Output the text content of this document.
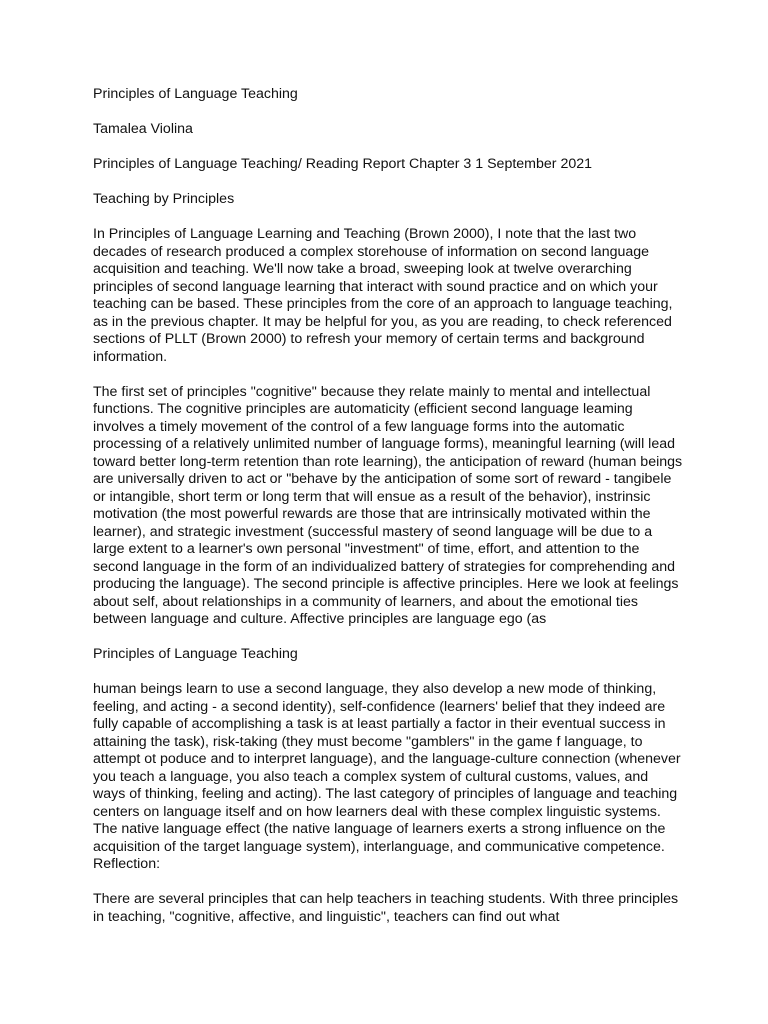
Principles of Language Teaching

Tamalea Violina

Principles of Language Teaching/ Reading Report Chapter 3 1 September 2021

Teaching by Principles

In Principles of Language Learning and Teaching (Brown 2000), I note that the last two decades of research produced a complex storehouse of information on second language acquisition and teaching. We'll now take a broad, sweeping look at twelve overarching principles of second language learning that interact with sound practice and on which your teaching can be based. These principles from the core of an approach to language teaching, as in the previous chapter. It may be helpful for you, as you are reading, to check referenced sections of PLLT (Brown 2000) to refresh your memory of certain terms and background information.

The first set of principles "cognitive" because they relate mainly to mental and intellectual functions. The cognitive principles are automaticity (efficient second language leaming involves a timely movement of the control of a few language forms into the automatic processing of a relatively unlimited number of language forms), meaningful learning (will lead toward better long-term retention than rote learning), the anticipation of reward (human beings are universally driven to act or "behave by the anticipation of some sort of reward - tangibele or intangible, short term or long term that will ensue as a result of the behavior), instrinsic motivation (the most powerful rewards are those that are intrinsically motivated within the learner), and strategic investment (successful mastery of seond language will be due to a large extent to a learner's own personal "investment" of time, effort, and attention to the second language in the form of an individualized battery of strategies for comprehending and producing the language). The second principle is affective principles. Here we look at feelings about self, about relationships in a community of learners, and about the emotional ties between language and culture. Affective principles are language ego (as

Principles of Language Teaching

human beings learn to use a second language, they also develop a new mode of thinking, feeling, and acting - a second identity), self-confidence (learners' belief that they indeed are fully capable of accomplishing a task is at least partially a factor in their eventual success in attaining the task), risk-taking (they must become "gamblers" in the game f language, to attempt ot poduce and to interpret language), and the language-culture connection (whenever you teach a language, you also teach a complex system of cultural customs, values, and ways of thinking, feeling and acting). The last category of principles of language and teaching centers on language itself and on how learners deal with these complex linguistic systems. The native language effect (the native language of learners exerts a strong influence on the acquisition of the target language system), interlanguage, and communicative competence. Reflection:

There are several principles that can help teachers in teaching students. With three principles in teaching, "cognitive, affective, and linguistic", teachers can find out what
